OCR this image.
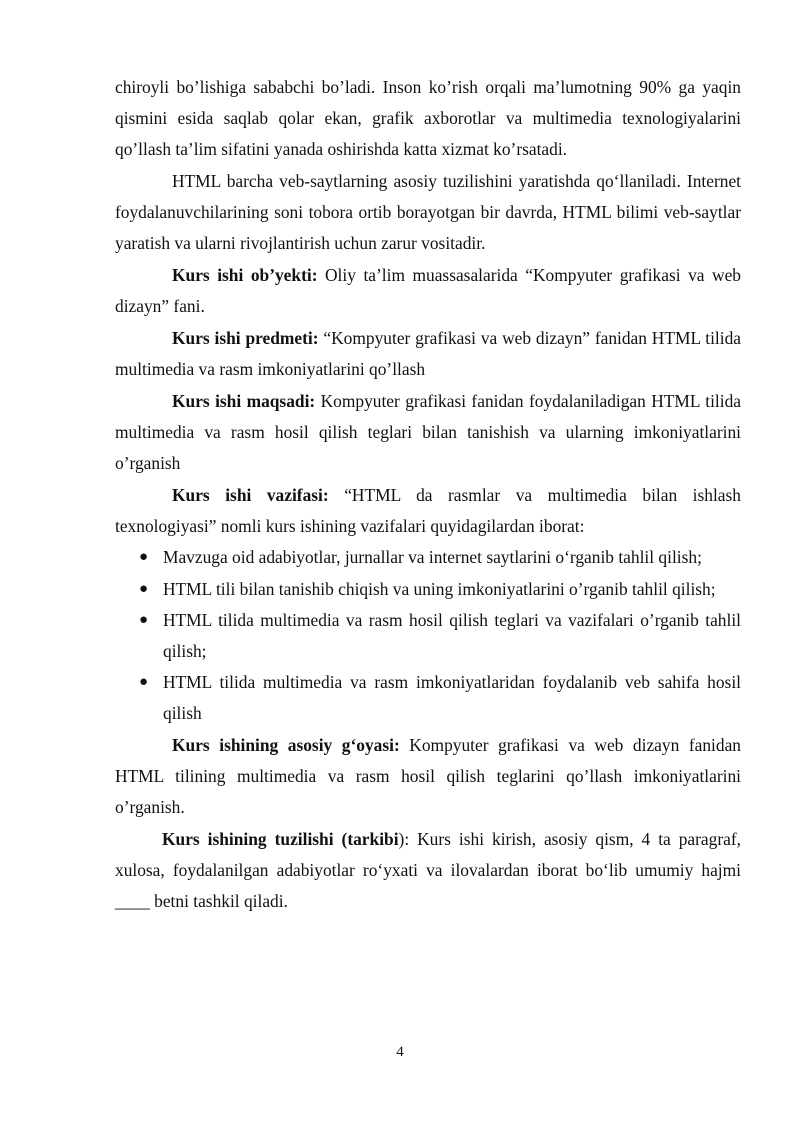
chiroyli bo’lishiga sababchi bo’ladi. Inson ko’rish orqali ma’lumotning 90% ga yaqin qismini esida saqlab qolar ekan, grafik axborotlar va multimedia texnologiyalarini qo’llash ta’lim sifatini yanada oshirishda katta xizmat ko’rsatadi.

HTML barcha veb-saytlarning asosiy tuzilishini yaratishda qo‘llaniladi. Internet foydalanuvchilarining soni tobora ortib borayotgan bir davrda, HTML bilimi veb-saytlar yaratish va ularni rivojlantirish uchun zarur vositadir.

Kurs ishi ob’yekti: Oliy ta’lim muassasalarida “Kompyuter grafikasi va web dizayn” fani.

Kurs ishi predmeti: “Kompyuter grafikasi va web dizayn” fanidan HTML tilida multimedia va rasm imkoniyatlarini qo’llash

Kurs ishi maqsadi: Kompyuter grafikasi fanidan foydalaniladigan HTML tilida multimedia va rasm hosil qilish teglari bilan tanishish va ularning imkoniyatlarini o’rganish

Kurs ishi vazifasi: “HTML da rasmlar va multimedia bilan ishlash texnologiyasi” nomli kurs ishining vazifalari quyidagilardan iborat:

● Mavzuga oid adabiyotlar, jurnallar va internet saytlarini o‘rganib tahlil qilish;
● HTML tili bilan tanishib chiqish va uning imkoniyatlarini o’rganib tahlil qilish;
● HTML tilida multimedia va rasm hosil qilish teglari va vazifalari o’rganib tahlil qilish;
● HTML tilida multimedia va rasm imkoniyatlaridan foydalanib veb sahifa hosil qilish

Kurs ishining asosiy g‘oyasi: Kompyuter grafikasi va web dizayn fanidan HTML tilining multimedia va rasm hosil qilish teglarini qo’llash imkoniyatlarini o’rganish.

Kurs ishining tuzilishi (tarkibi): Kurs ishi kirish, asosiy qism, 4 ta paragraf, xulosa, foydalanilgan adabiyotlar ro‘yxati va ilovalardan iborat bo‘lib umumiy hajmi ____ betni tashkil qiladi.

4
